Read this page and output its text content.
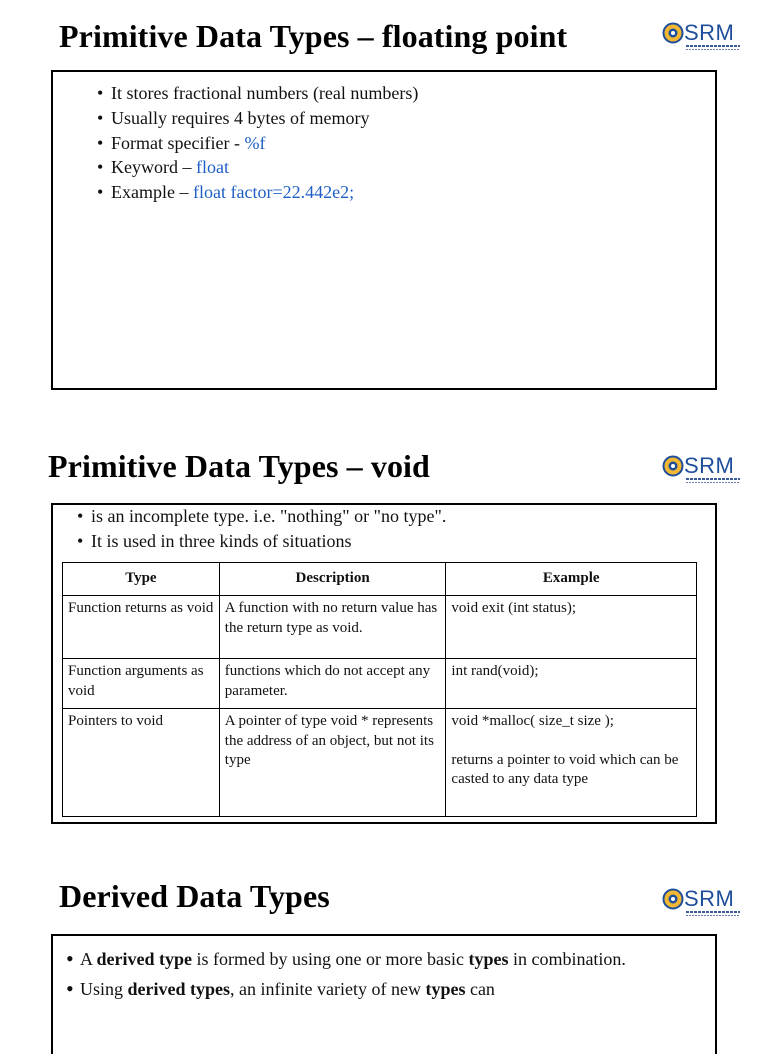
Primitive Data Types – floating point	SRM
• It stores fractional numbers (real numbers)
• Usually requires 4 bytes of memory
• Format specifier - %f
• Keyword – float
• Example – float factor=22.442e2;
Primitive Data Types – void	SRM
• is an incomplete type. i.e. "nothing" or "no type".
• It is used in three kinds of situations
Type	Description	Example
Function returns as void	A function with no return value has the return type as void.	void exit (int status);
Function arguments as void	functions which do not accept any parameter.	int rand(void);
Pointers to void	A pointer of type void * represents the address of an object, but not its type	void *malloc( size_t size );
returns a pointer to void which can be casted to any data type
Derived Data Types	SRM
• A derived type is formed by using one or more basic types in combination.
• Using derived types, an infinite variety of new types can
